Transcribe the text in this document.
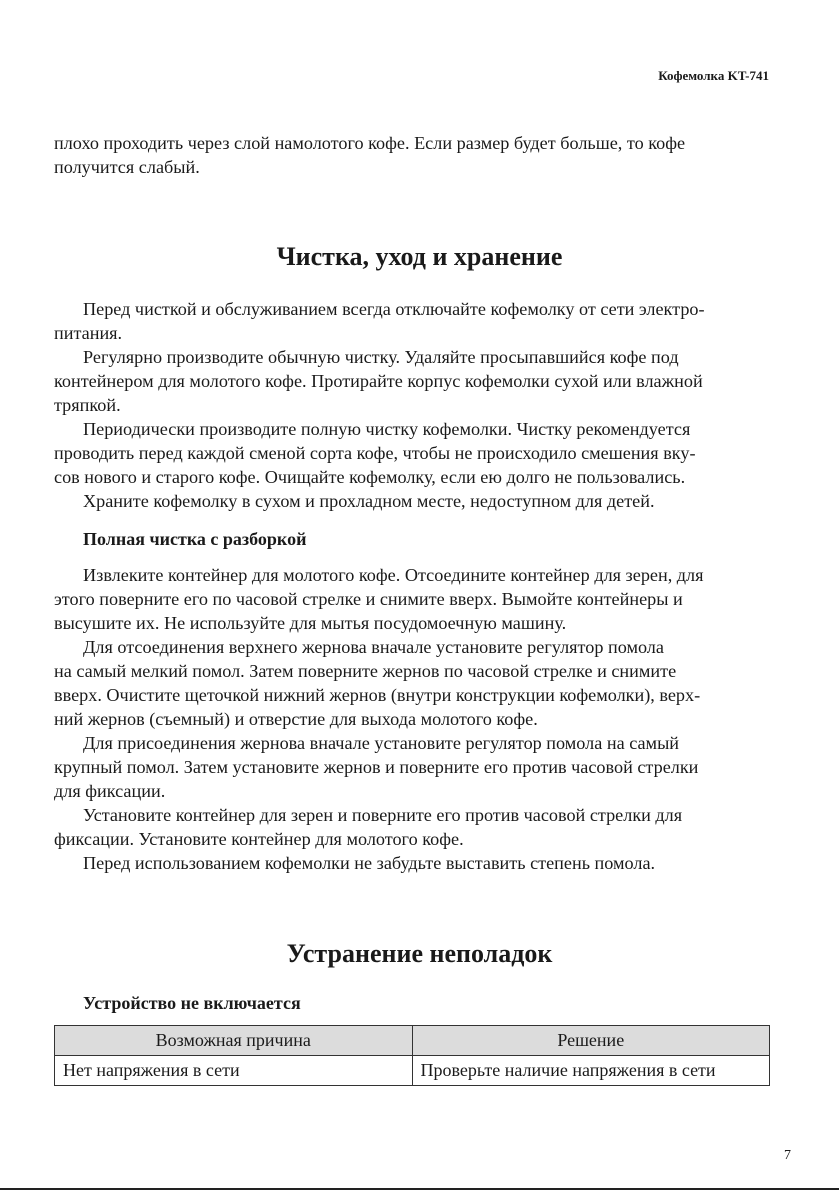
Кофемолка KT-741

плохо проходить через слой намолотого кофе. Если размер будет больше, то кофе

получится слабый.

Чистка, уход и хранение

Перед чисткой и обслуживанием всегда отключайте кофемолку от сети электро-

питания.

Регулярно производите обычную чистку. Удаляйте просыпавшийся кофе под

контейнером для молотого кофе. Протирайте корпус кофемолки сухой или влажной

тряпкой.

Периодически производите полную чистку кофемолки. Чистку рекомендуется

проводить перед каждой сменой сорта кофе, чтобы не происходило смешения вку-

сов нового и старого кофе. Очищайте кофемолку, если ею долго не пользовались.

Храните кофемолку в сухом и прохладном месте, недоступном для детей.

Полная чистка с разборкой

Извлеките контейнер для молотого кофе. Отсоедините контейнер для зерен, для

этого поверните его по часовой стрелке и снимите вверх. Вымойте контейнеры и

высушите их. Не используйте для мытья посудомоечную машину.

Для отсоединения верхнего жернова вначале установите регулятор помола

на самый мелкий помол. Затем поверните жернов по часовой стрелке и снимите

вверх. Очистите щеточкой нижний жернов (внутри конструкции кофемолки), верх-

ний жернов (съемный) и отверстие для выхода молотого кофе.

Для присоединения жернова вначале установите регулятор помола на самый

крупный помол. Затем установите жернов и поверните его против часовой стрелки

для фиксации.

Установите контейнер для зерен и поверните его против часовой стрелки для

фиксации. Установите контейнер для молотого кофе.

Перед использованием кофемолки не забудьте выставить степень помола.

Устранение неполадок
Устройство не включается
Возможная причина	Решение
Нет напряжения в сети	Проверьте наличие напряжения в сети
7
